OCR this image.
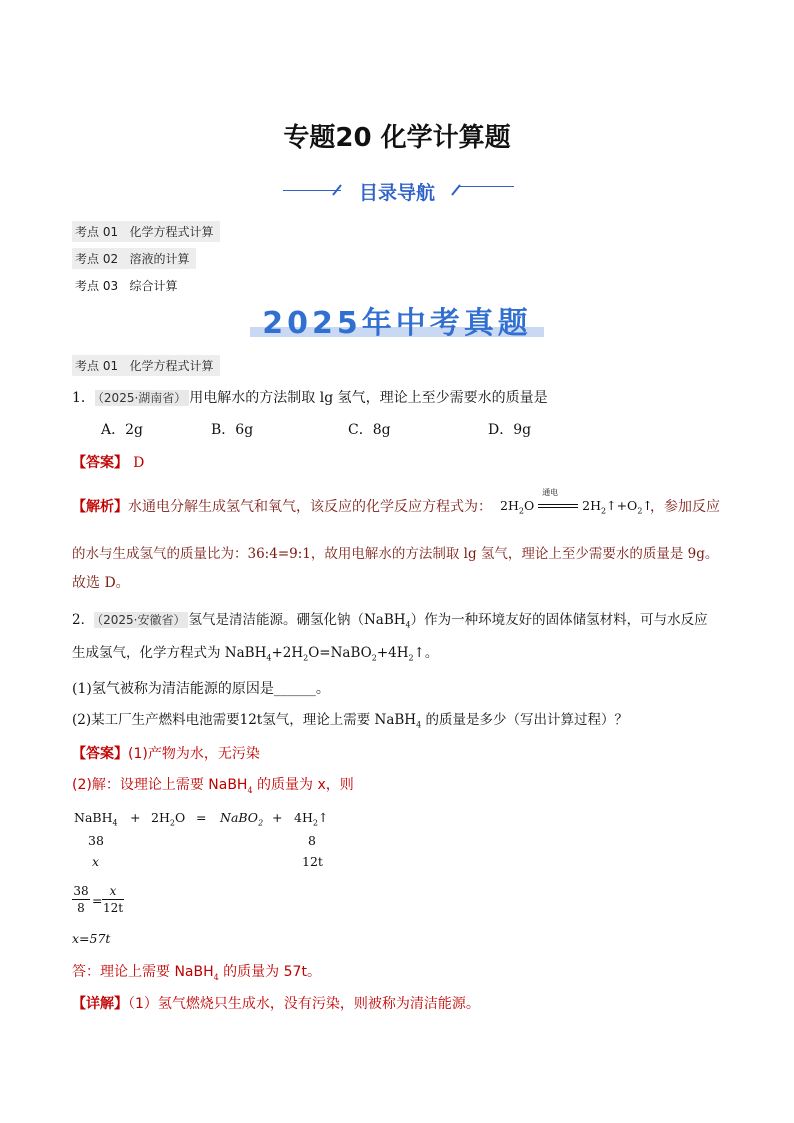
专题20 化学计算题
目录导航
考点 01 化学方程式计算
考点 02 溶液的计算
考点 03 综合计算
2025年中考真题
考点 01 化学方程式计算
1． （2025·湖南省） 用电解水的方法制取 lg 氢气，理论上至少需要水的质量是
A．2g	B．6g	C．8g	D．9g
【答案】 D
【解析】水通电分解生成氢气和氧气，该反应的化学反应方程式为： $2H_2O$
通电
$2H_2↑+O_2↑$
，参加反应
的水与生成氢气的质量比为：36:4=9:1，故用电解水的方法制取 lg 氢气，理论上至少需要水的质量是 9g。
故选 D。
2． （2025·安徽省） 氢气是清洁能源。硼氢化钠（NaBH$_4$）作为一种环境友好的固体储氢材料，可与水反应
生成氢气，化学方程式为 $NaBH_4+2H_2O=NaBO_2+4H_2↑$。
(1)氢气被称为清洁能源的原因是______。
(2)某工厂生产燃料电池需要12t氢气，理论上需要 NaBH$_4$ 的质量是多少（写出计算过程）？
【答案】(1)产物为水，无污染
(2)解：设理论上需要 NaBH$_4$ 的质量为 x，则
NaBH$_4$ + $2H_2O$ = NaBO$_2$ + $4H_2↑$
38	8
x	12t
38
8 =
x
12t
x=57t
答：理论上需要 NaBH$_4$ 的质量为 57t。
【详解】（1）氢气燃烧只生成水，没有污染，则被称为清洁能源。
